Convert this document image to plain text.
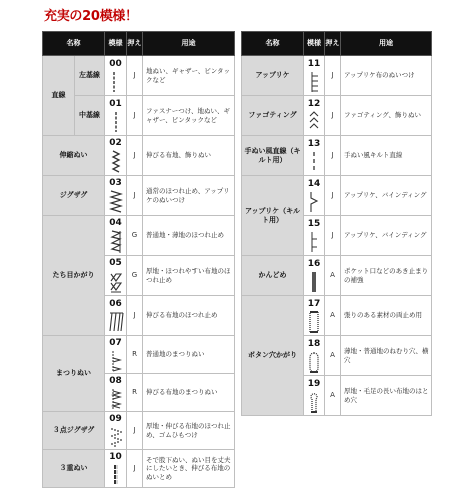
充実の20模様！
名称		模様	押え	用途
直線	左基線	00	J	地ぬい、ギャザー、ピンタックなど
	中基線	01	J	ファスナーつけ、地ぬい、ギャザー、ピンタックなど
伸縮ぬい		02	J	伸びる布地、飾りぬい
ジグザグ		03	J	通常のほつれ止め、アップリケのぬいつけ
たち目かがり		04	G	普通地・薄地のほつれ止め

		05	G	厚地・ほつれやすい布地のほつれ止め

		06	J	伸びる布地のほつれ止め
まつりぬい		07	R	普通地のまつりぬい

		08	R	伸びる布地のまつりぬい
３点ジグザグ		09	J	厚地・伸びる布地のほつれ止め、ゴムひもつけ
３重ぬい		10	J	そで股下ぬい、ぬい目を丈夫にしたいとき、伸びる布地のぬいとめ
名称	模様	押え	用途
アップリケ	11	J	アップリケ布のぬいつけ
ファゴティング	12	J	ファゴティング、飾りぬい
手ぬい風直線（キルト用）	13	J	手ぬい風キルト直線
アップリケ（キルト用）	14	J	アップリケ、バインディング

	15	J	アップリケ、バインディング
かんどめ	16	A	ポケット口などのあき止まりの補強
ボタン穴かがり	17	A	張りのある素材の両止め用

	18	A	薄地・普通地のねむり穴、横穴

	19	A	厚地・毛足の長い布地のはと め穴
